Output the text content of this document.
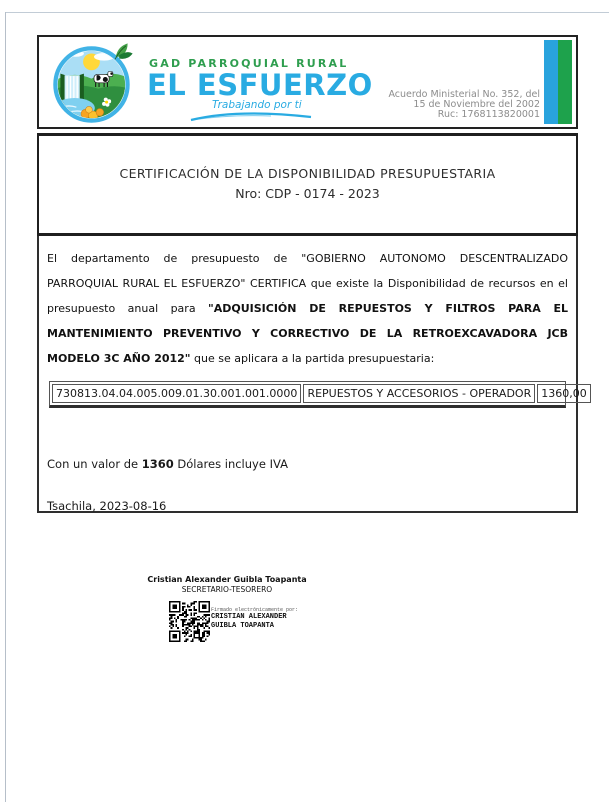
GAD PARROQUIAL RURAL
EL ESFUERZO
Trabajando por ti
Acuerdo Ministerial No. 352, del
15 de Noviembre del 2002
Ruc: 1768113820001
CERTIFICACIÓN DE LA DISPONIBILIDAD PRESUPUESTARIA
Nro: CDP - 0174 - 2023
El departamento de presupuesto de "GOBIERNO AUTONOMO DESCENTRALIZADO PARROQUIAL RURAL EL ESFUERZO" CERTIFICA que existe la Disponibilidad de recursos en el presupuesto anual para "ADQUISICIÓN DE REPUESTOS Y FILTROS PARA EL MANTENIMIENTO PREVENTIVO Y CORRECTIVO DE LA RETROEXCAVADORA JCB MODELO 3C AÑO 2012" que se aplicara a la partida presupuestaria:
730813.04.04.005.009.01.30.001.001.0000 REPUESTOS Y ACCESORIOS - OPERADOR 1360,00
Con un valor de 1360 Dólares incluye IVA
Tsachila, 2023-08-16
Cristian Alexander Guibla Toapanta
SECRETARIO-TESORERO
Firmado electrónicamente por:
CRISTIAN ALEXANDER
GUIBLA TOAPANTA
